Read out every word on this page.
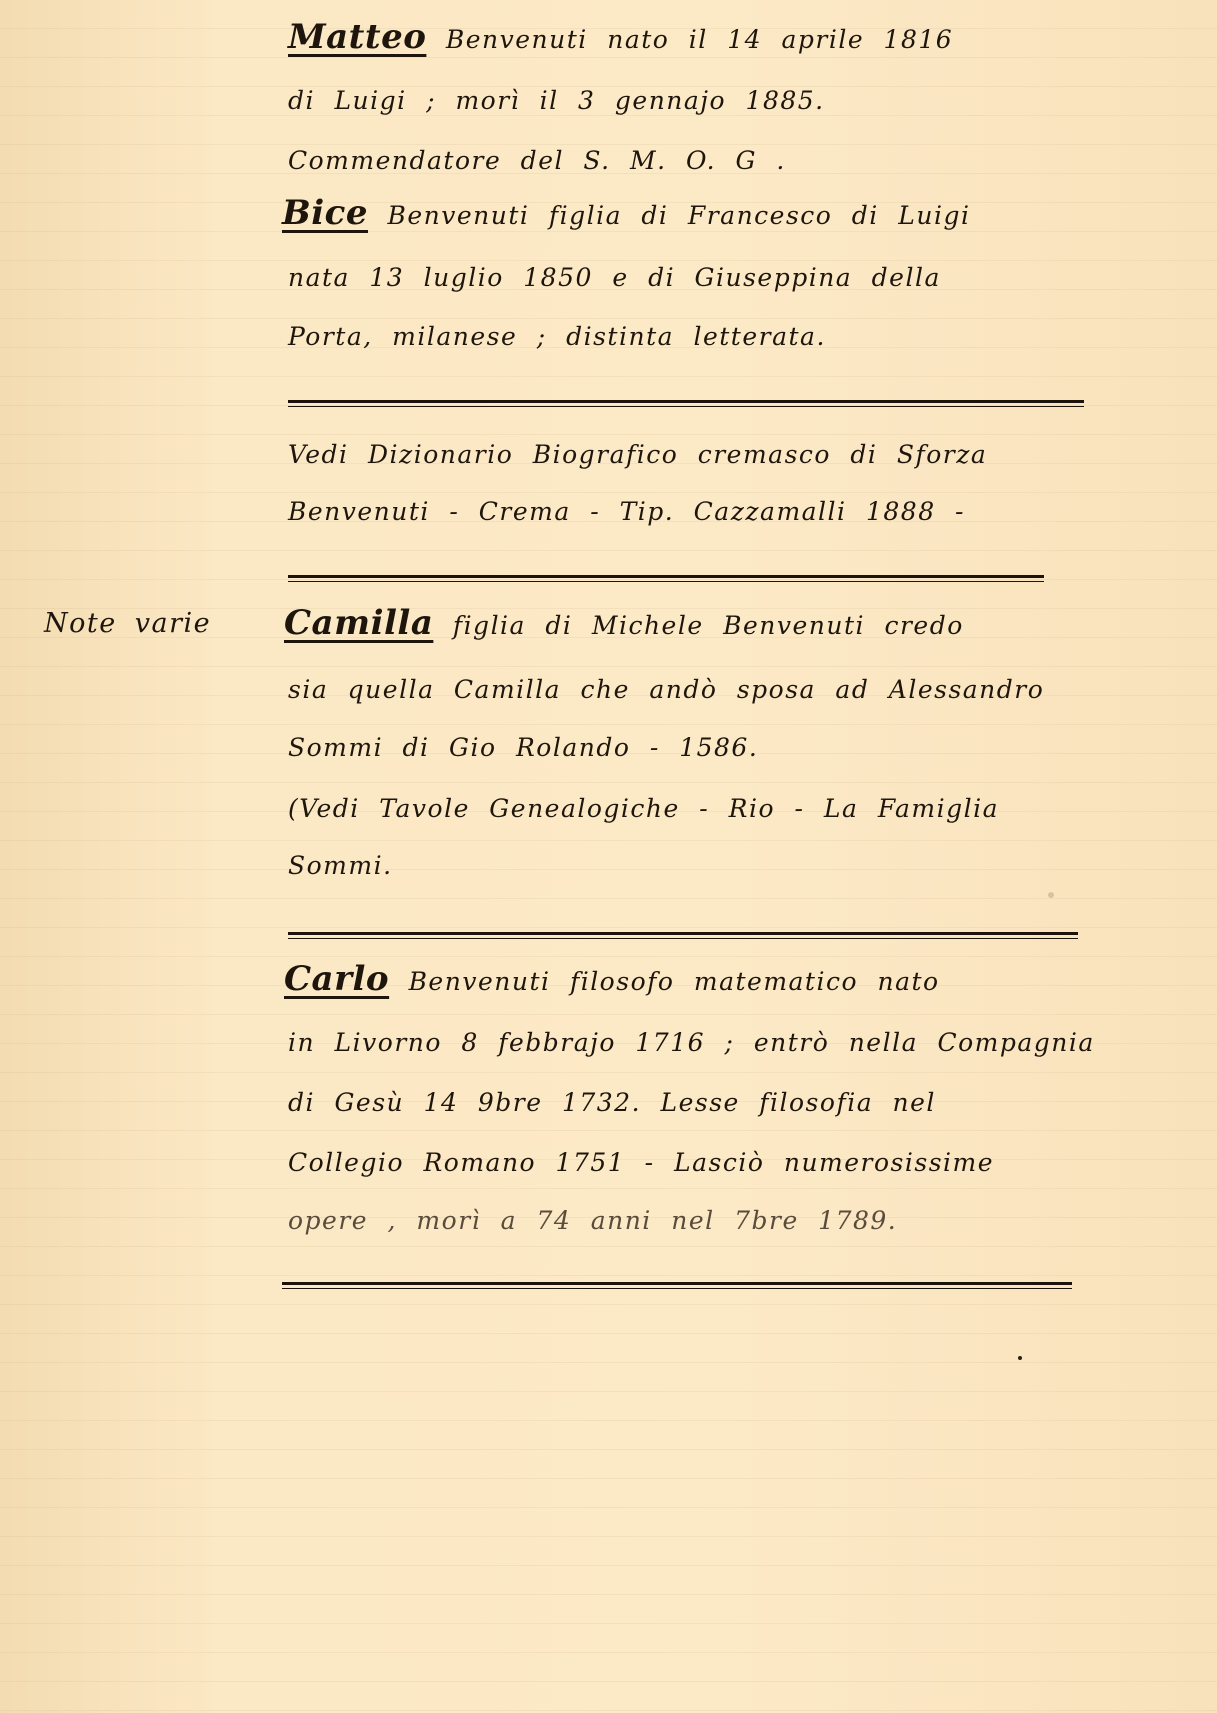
Matteo Benvenuti nato il 14 aprile 1816
di Luigi ; morì il 3 gennajo 1885.
Commendatore del S. M. O. G .
Bice Benvenuti figlia di Francesco di Luigi
nata 13 luglio 1850 e di Giuseppina della
Porta, milanese ; distinta letterata.
Vedi Dizionario Biografico cremasco di Sforza
Benvenuti - Crema - Tip. Cazzamalli 1888 -
Note varie Camilla figlia di Michele Benvenuti credo
sia quella Camilla che andò sposa ad Alessandro
Sommi di Gio Rolando - 1586.
(Vedi Tavole Genealogiche - Rio - La Famiglia
Sommi.
Carlo Benvenuti filosofo matematico nato
in Livorno 8 febbrajo 1716 ; entrò nella Compagnia
di Gesù 14 9bre 1732. Lesse filosofia nel
Collegio Romano 1751 - Lasciò numerosissime
opere , morì a 74 anni nel 7bre 1789.
